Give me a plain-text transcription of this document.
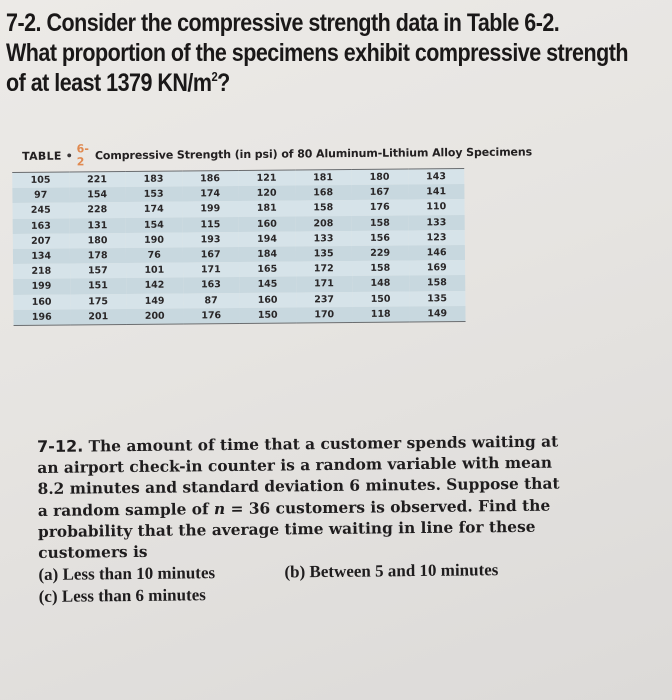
7-2. Consider the compressive strength data in Table 6-2.
What proportion of the specimens exhibit compressive strength
of at least 1379 $KN/m^2$?
TABLE •
6-2
Compressive Strength (in psi) of 80 Aluminum-Lithium Alloy Specimens
105	221	183	186	121	181	180	143
97	154	153	174	120	168	167	141
245	228	174	199	181	158	176	110
163	131	154	115	160	208	158	133
207	180	190	193	194	133	156	123
134	178	76	167	184	135	229	146
218	157	101	171	165	172	158	169
199	151	142	163	145	171	148	158
160	175	149	87	160	237	150	135
196	201	200	176	150	170	118	149
7-12. The amount of time that a customer spends waiting at
an airport check-in counter is a random variable with mean
8.2 minutes and standard deviation 6 minutes. Suppose that
a random sample of n = 36 customers is observed. Find the
probability that the average time waiting in line for these
customers is
(a) Less than 10 minutes	(b) Between 5 and 10 minutes
(c) Less than 6 minutes
